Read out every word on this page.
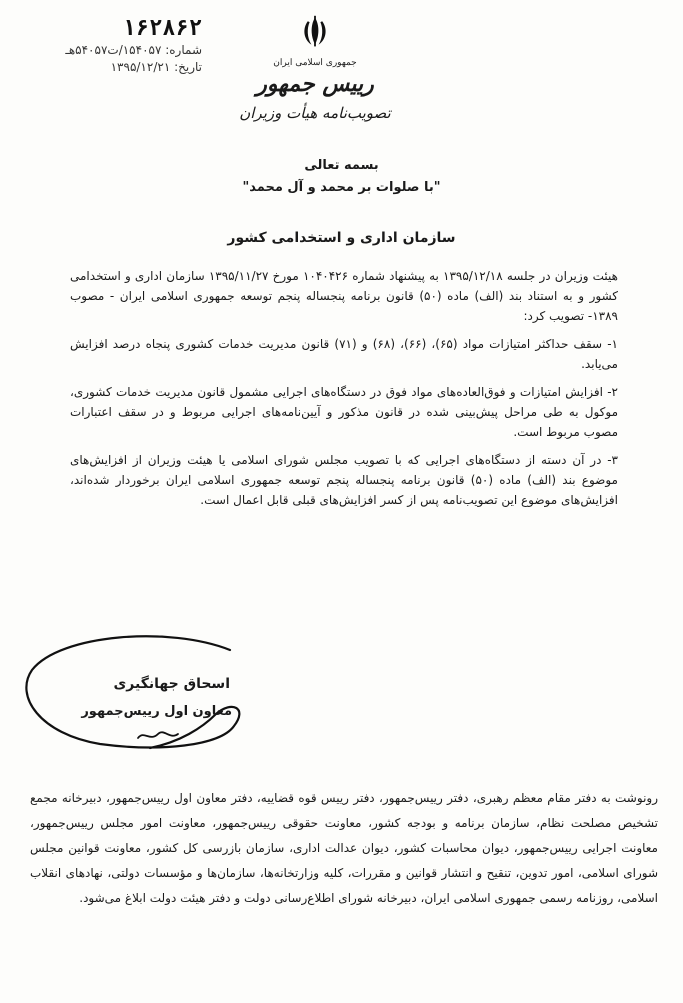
۱۶۲۸۶۲
شماره: ۱۵۴۰۵۷/ت۵۴۰۵۷هـ
تاریخ: ۱۳۹۵/۱۲/۲۱	جمهوری اسلامی ایران
رییس جمهور
تصویب‌نامه هیأت وزیران
بسمه تعالی
"با صلوات بر محمد و آل محمد"
سازمان اداری و استخدامی کشور

هیئت وزیران در جلسه ۱۳۹۵/۱۲/۱۸ به پیشنهاد شماره ۱۰۴۰۴۲۶ مورخ ۱۳۹۵/۱۱/۲۷ سازمان اداری و استخدامی کشور و به استناد بند (الف) ماده (۵۰) قانون برنامه پنجساله پنجم توسعه جمهوری اسلامی ایران - مصوب ۱۳۸۹- تصویب کرد:

۱- سقف حداکثر امتیازات مواد (۶۵)، (۶۶)، (۶۸) و (۷۱) قانون مدیریت خدمات کشوری پنجاه درصد افزایش می‌یابد.

۲- افزایش امتیازات و فوق‌العاده‌های مواد فوق در دستگاه‌های اجرایی مشمول قانون مدیریت خدمات کشوری، موکول به طی مراحل پیش‌بینی شده در قانون مذکور و آیین‌نامه‌های اجرایی مربوط و در سقف اعتبارات مصوب مربوط است.

۳- در آن دسته از دستگاه‌های اجرایی که با تصویب مجلس شورای اسلامی یا هیئت وزیران از افزایش‌های موضوع بند (الف) ماده (۵۰) قانون برنامه پنجساله پنجم توسعه جمهوری اسلامی ایران برخوردار شده‌اند، افزایش‌های موضوع این تصویب‌نامه پس از کسر افزایش‌های قبلی قابل اعمال است.

اسحاق جهانگیری
معاون اول رییس‌جمهور
رونوشت به دفتر مقام معظم رهبری، دفتر رییس‌جمهور، دفتر رییس قوه قضاییه، دفتر معاون اول رییس‌جمهور، دبیرخانه مجمع تشخیص مصلحت نظام، سازمان برنامه و بودجه کشور، معاونت حقوقی رییس‌جمهور، معاونت امور مجلس رییس‌جمهور، معاونت اجرایی رییس‌جمهور، دیوان محاسبات کشور، دیوان عدالت اداری، سازمان بازرسی کل کشور، معاونت قوانین مجلس شورای اسلامی، امور تدوین، تنقیح و انتشار قوانین و مقررات، کلیه وزارتخانه‌ها، سازمان‌ها و مؤسسات دولتی، نهادهای انقلاب اسلامی، روزنامه رسمی جمهوری اسلامی ایران، دبیرخانه شورای اطلاع‌رسانی دولت و دفتر هیئت دولت ابلاغ می‌شود.
